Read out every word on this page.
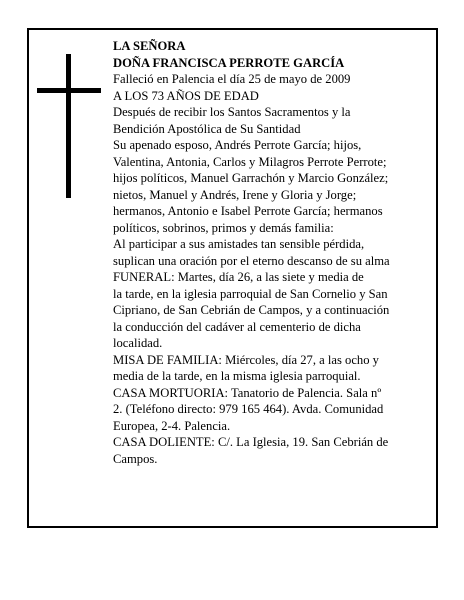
LA SEÑORA
DOÑA FRANCISCA PERROTE GARCÍA
Falleció en Palencia el día 25 de mayo de 2009
A LOS 73 AÑOS DE EDAD
Después de recibir los Santos Sacramentos y la
Bendición Apostólica de Su Santidad
Su apenado esposo, Andrés Perrote García; hijos,
Valentina, Antonia, Carlos y Milagros Perrote Perrote;
hijos políticos, Manuel Garrachón y Marcio González;
nietos, Manuel y Andrés, Irene y Gloria y Jorge;
hermanos, Antonio e Isabel Perrote García; hermanos
políticos, sobrinos, primos y demás familia:
Al participar a sus amistades tan sensible pérdida,
suplican una oración por el eterno descanso de su alma
FUNERAL: Martes, día 26, a las siete y media de
la tarde, en la iglesia parroquial de San Cornelio y San
Cipriano, de San Cebrián de Campos, y a continuación
la conducción del cadáver al cementerio de dicha
localidad.
MISA DE FAMILIA: Miércoles, día 27, a las ocho y
media de la tarde, en la misma iglesia parroquial.
CASA MORTUORIA: Tanatorio de Palencia. Sala nº
2. (Teléfono directo: 979 165 464). Avda. Comunidad
Europea, 2-4. Palencia.
CASA DOLIENTE: C/. La Iglesia, 19. San Cebrián de
Campos.
